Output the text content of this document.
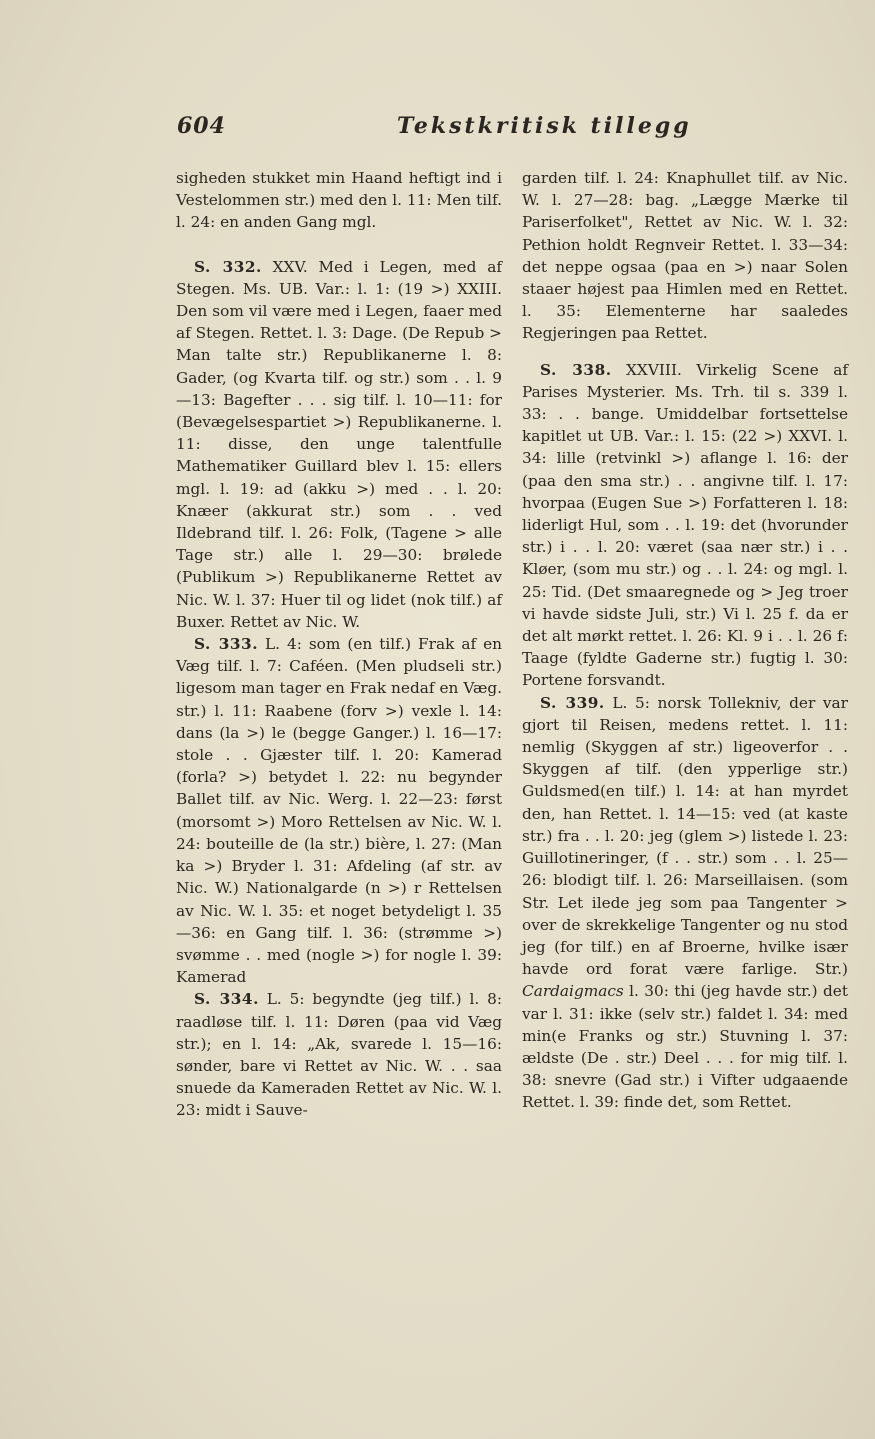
604	Tekstkritisk tillegg

sigheden stukket min Haand heftigt ind i Vestelommen str.) med den l. 11: Men tilf. l. 24: en anden Gang mgl.

S. 332. XXV. Med i Legen, med af Stegen. Ms. UB. Var.: l. 1: (19 >) XXIII. Den som vil være med i Legen, faaer med af Stegen. Rettet. l. 3: Dage. (De Repub > Man talte str.) Republikanerne l. 8: Gader, (og Kvarta tilf. og str.) som . . l. 9—13: Bagefter . . . sig tilf. l. 10—11: for (Bevægelsespartiet >) Republikanerne. l. 11: disse, den unge talentfulle Mathematiker Guillard blev l. 15: ellers mgl. l. 19: ad (akku >) med . . l. 20: Knæer (akkurat str.) som . . ved Ildebrand tilf. l. 26: Folk, (Tagene > alle Tage str.) alle l. 29—30: brølede (Publikum >) Republikanerne Rettet av Nic. W. l. 37: Huer til og lidet (nok tilf.) af Buxer. Rettet av Nic. W.

S. 333. L. 4: som (en tilf.) Frak af en Væg tilf. l. 7: Caféen. (Men pludseli str.) ligesom man tager en Frak nedaf en Væg. str.) l. 11: Raabene (forv >) vexle l. 14: dans (la >) le (begge Ganger.) l. 16—17: stole . . Gjæster tilf. l. 20: Kamerad (forla? >) betydet l. 22: nu begynder Ballet tilf. av Nic. Werg. l. 22—23: først (morsomt >) Moro Rettelsen av Nic. W. l. 24: bouteille de (la str.) bière, l. 27: (Man ka >) Bryder l. 31: Afdeling (af str. av Nic. W.) Nationalgarde (n >) r Rettelsen av Nic. W. l. 35: et noget betydeligt l. 35—36: en Gang tilf. l. 36: (strømme >) svømme . . med (nogle >) for nogle l. 39: Kamerad

S. 334. L. 5: begyndte (jeg tilf.) l. 8: raadløse tilf. l. 11: Døren (paa vid Væg str.); en l. 14: „Ak, svarede l. 15—16: sønder, bare vi Rettet av Nic. W. . . saa snuede da Kameraden Rettet av Nic. W. l. 23: midt i Sauve-

garden tilf. l. 24: Knaphullet tilf. av Nic. W. l. 27—28: bag. „Lægge Mærke til Pariserfolket", Rettet av Nic. W. l. 32: Pethion holdt Regnveir Rettet. l. 33—34: det neppe ogsaa (paa en >) naar Solen staaer højest paa Himlen med en Rettet. l. 35: Elementerne har saaledes Regjeringen paa Rettet.

S. 338. XXVIII. Virkelig Scene af Parises Mysterier. Ms. Trh. til s. 339 l. 33: . . bange. Umiddelbar fortsettelse kapitlet ut UB. Var.: l. 15: (22 >) XXVI. l. 34: lille (retvinkl >) aflange l. 16: der (paa den sma str.) . . angivne tilf. l. 17: hvorpaa (Eugen Sue >) Forfatteren l. 18: liderligt Hul, som . . l. 19: det (hvorunder str.) i . . l. 20: været (saa nær str.) i . . Kløer, (som mu str.) og . . l. 24: og mgl. l. 25: Tid. (Det smaaregnede og > Jeg troer vi havde sidste Juli, str.) Vi l. 25 f. da er det alt mørkt rettet. l. 26: Kl. 9 i . . l. 26 f: Taage (fyldte Gaderne str.) fugtig l. 30: Portene forsvandt.

S. 339. L. 5: norsk Tollekniv, der var gjort til Reisen, medens rettet. l. 11: nemlig (Skyggen af str.) ligeoverfor . . Skyggen af tilf. (den ypperlige str.) Guldsmed(en tilf.) l. 14: at han myrdet den, han Rettet. l. 14—15: ved (at kaste str.) fra . . l. 20: jeg (glem >) listede l. 23: Guillotineringer, (f . . str.) som . . l. 25—26: blodigt tilf. l. 26: Marseillaisen. (som Str. Let ilede jeg som paa Tangenter > over de skrekkelige Tangenter og nu stod jeg (for tilf.) en af Broerne, hvilke især havde ord forat være farlige. Str.) Cardaigmacs l. 30: thi (jeg havde str.) det var l. 31: ikke (selv str.) faldet l. 34: med min(e Franks og str.) Stuvning l. 37: ældste (De . str.) Deel . . . for mig tilf. l. 38: snevre (Gad str.) i Vifter udgaaende Rettet. l. 39: finde det, som Rettet.
